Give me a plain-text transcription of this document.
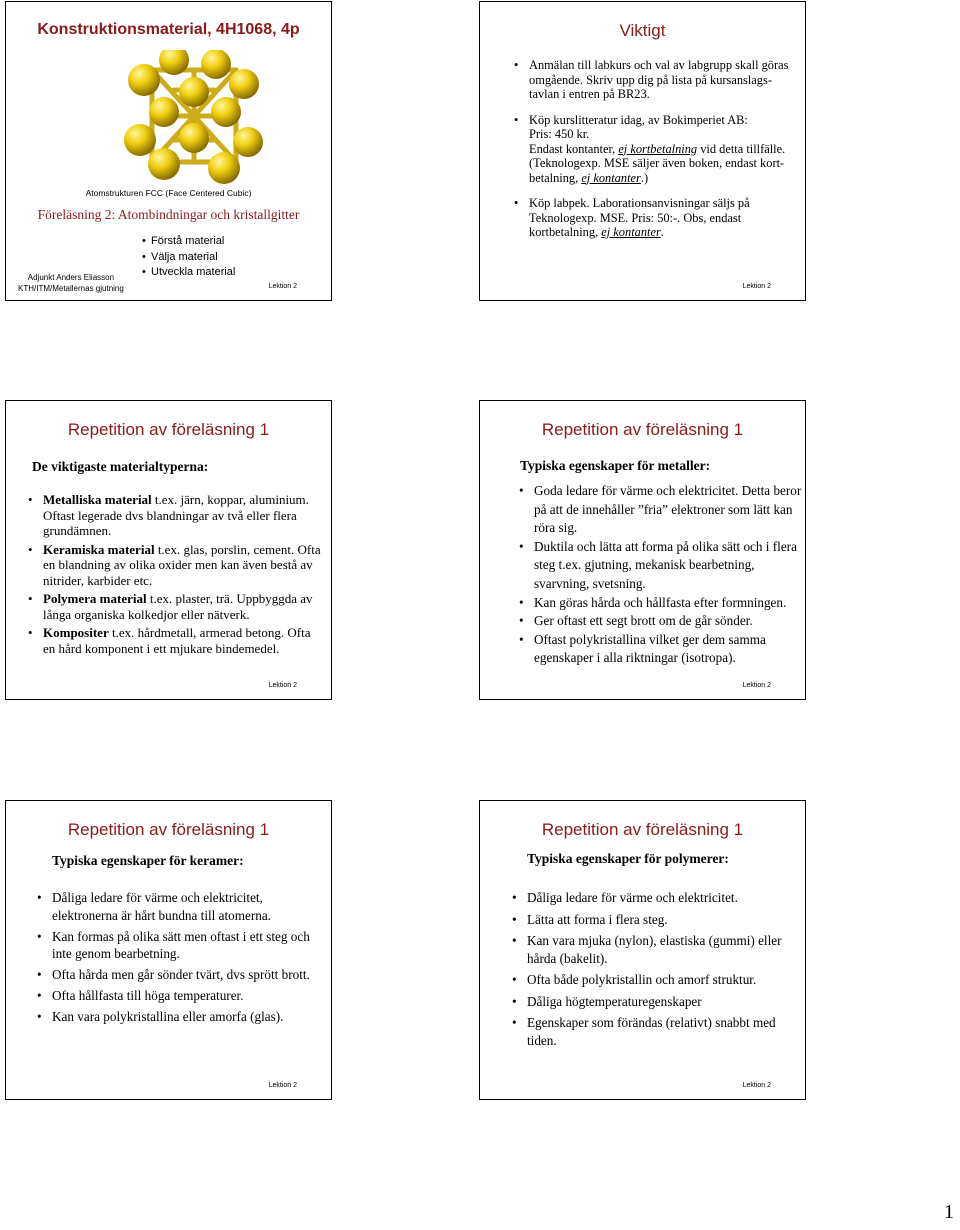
Konstruktionsmaterial, 4H1068, 4p
Atomstrukturen FCC (Face Centered Cubic)
Föreläsning 2: Atombindningar och kristallgitter
Adjunkt Anders Eliasson
KTH/ITM/Metallernas gjutning
• Förstå material
• Välja material
• Utveckla material
Lektion 2
Viktigt
• Anmälan till labkurs och val av labgrupp skall göras omgående. Skriv upp dig på lista på kursanslags-tavlan i entren på BR23.
• Köp kurslitteratur idag, av Bokimperiet AB:
Pris: 450 kr.
Endast kontanter, ej kortbetalning vid detta tillfälle.
(Teknologexp. MSE säljer även boken, endast kort-betalning, ej kontanter.)
• Köp labpek. Laborationsanvisningar säljs på Teknologexp. MSE. Pris: 50:-. Obs, endast kortbetalning, ej kontanter.
Lektion 2
Repetition av föreläsning 1
De viktigaste materialtyperna:
• Metalliska material t.ex. järn, koppar, aluminium. Oftast legerade dvs blandningar av två eller flera grundämnen.
• Keramiska material t.ex. glas, porslin, cement. Ofta en blandning av olika oxider men kan även bestå av nitrider, karbider etc.
• Polymera material t.ex. plaster, trä. Uppbyggda av långa organiska kolkedjor eller nätverk.
• Kompositer t.ex. hårdmetall, armerad betong. Ofta en hård komponent i ett mjukare bindemedel.
Lektion 2
Repetition av föreläsning 1
Typiska egenskaper för metaller:
• Goda ledare för värme och elektricitet. Detta beror på att de innehåller ”fria” elektroner som lätt kan röra sig.
• Duktila och lätta att forma på olika sätt och i flera steg t.ex. gjutning, mekanisk bearbetning, svarvning, svetsning.
• Kan göras hårda och hållfasta efter formningen.
• Ger oftast ett segt brott om de går sönder.
• Oftast polykristallina vilket ger dem samma egenskaper i alla riktningar (isotropa).
Lektion 2
Repetition av föreläsning 1
Typiska egenskaper för keramer:
• Dåliga ledare för värme och elektricitet, elektronerna är hårt bundna till atomerna.
• Kan formas på olika sätt men oftast i ett steg och inte genom bearbetning.
• Ofta hårda men går sönder tvärt, dvs sprött brott.
• Ofta hållfasta till höga temperaturer.
• Kan vara polykristallina eller amorfa (glas).
Lektion 2
Repetition av föreläsning 1
Typiska egenskaper för polymerer:
• Dåliga ledare för värme och elektricitet.
• Lätta att forma i flera steg.
• Kan vara mjuka (nylon), elastiska (gummi) eller hårda (bakelit).
• Ofta både polykristallin och amorf struktur.
• Dåliga högtemperaturegenskaper
• Egenskaper som förändas (relativt) snabbt med tiden.
Lektion 2
1
